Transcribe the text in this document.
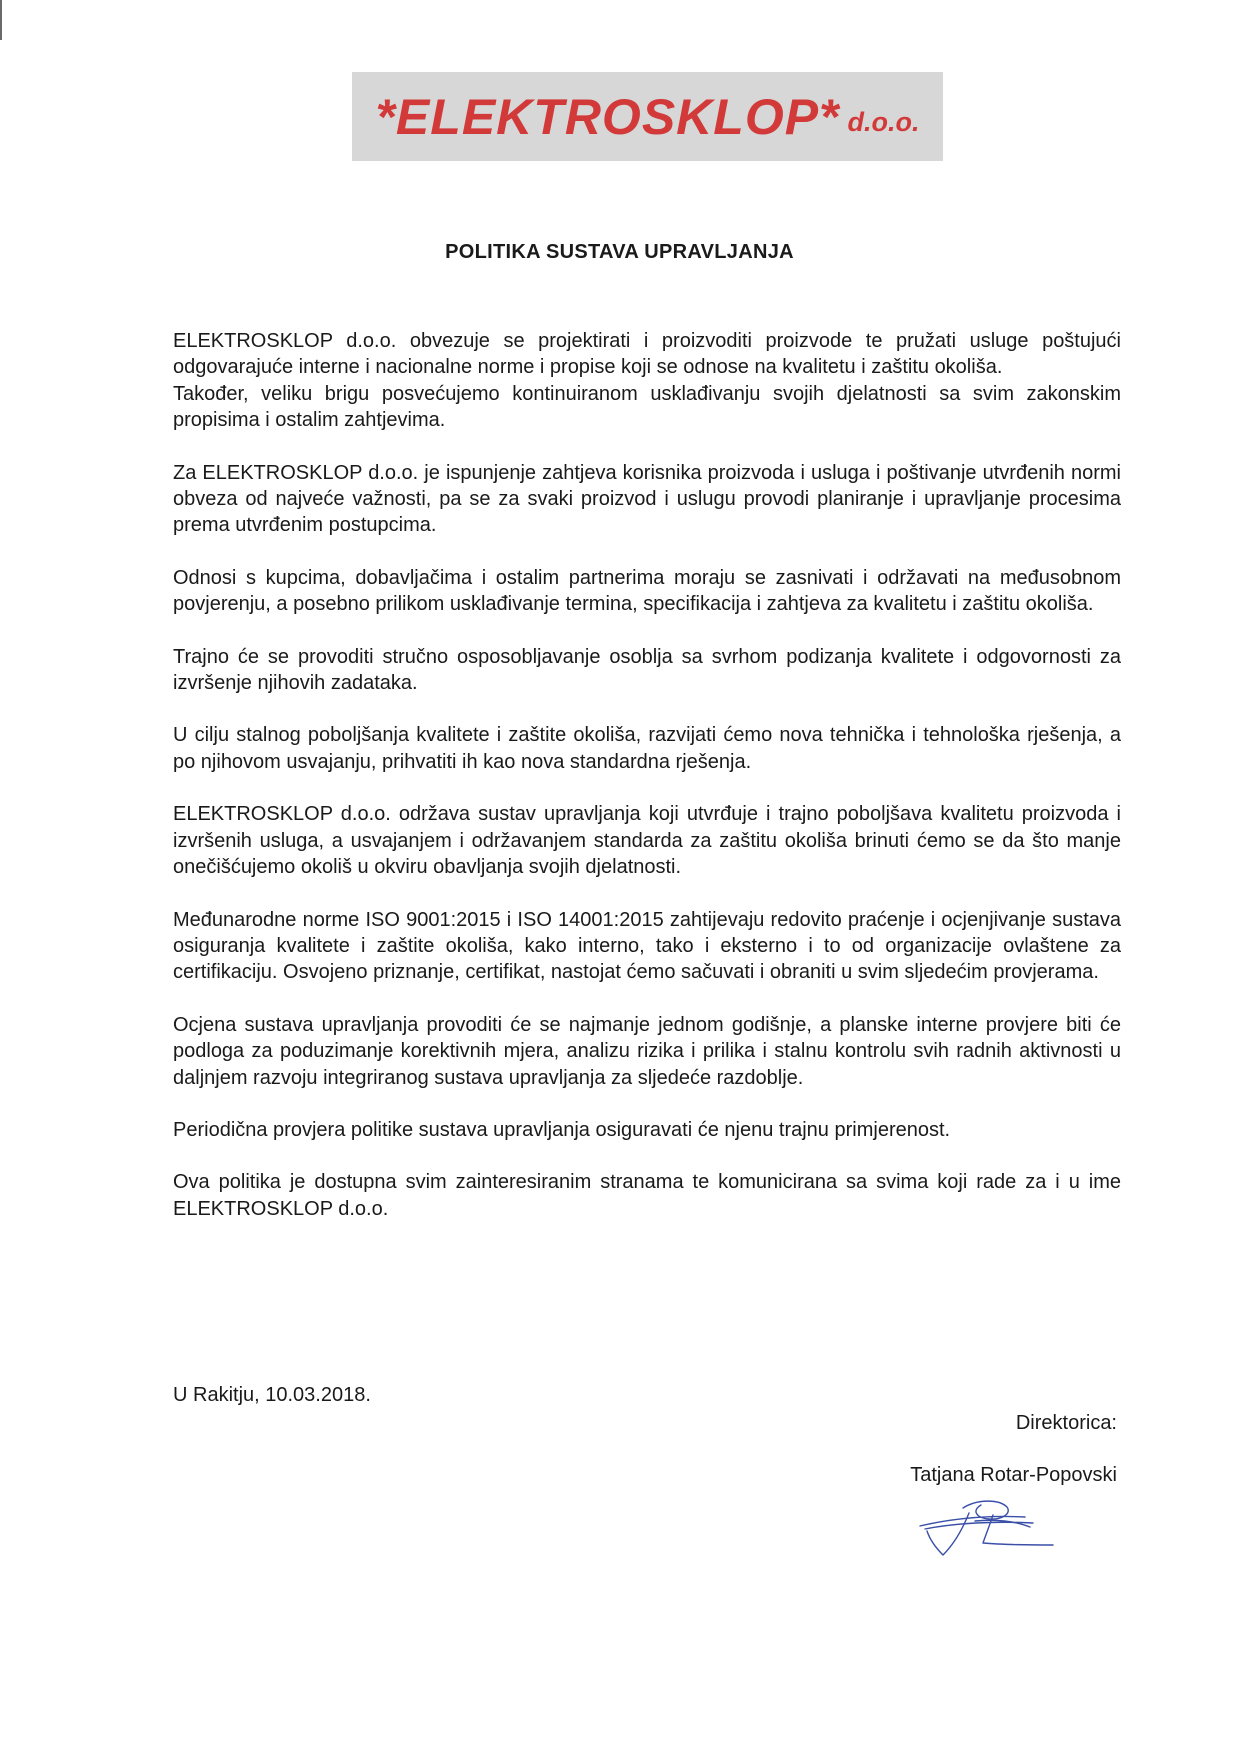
*ELEKTROSKLOP* d.o.o.
POLITIKA SUSTAVA UPRAVLJANJA

ELEKTROSKLOP d.o.o. obvezuje se projektirati i proizvoditi proizvode te pružati usluge poštujući odgovarajuće interne i nacionalne norme i propise koji se odnose na kvalitetu i zaštitu okoliša.

Također, veliku brigu posvećujemo kontinuiranom usklađivanju svojih djelatnosti sa svim zakonskim propisima i ostalim zahtjevima.

Za ELEKTROSKLOP d.o.o. je ispunjenje zahtjeva korisnika proizvoda i usluga i poštivanje utvrđenih normi obveza od najveće važnosti, pa se za svaki proizvod i uslugu provodi planiranje i upravljanje procesima prema utvrđenim postupcima.

Odnosi s kupcima, dobavljačima i ostalim partnerima moraju se zasnivati i održavati na međusobnom povjerenju, a posebno prilikom usklađivanje termina, specifikacija i zahtjeva za kvalitetu i zaštitu okoliša.

Trajno će se provoditi stručno osposobljavanje osoblja sa svrhom podizanja kvalitete i odgovornosti za izvršenje njihovih zadataka.

U cilju stalnog poboljšanja kvalitete i zaštite okoliša, razvijati ćemo nova tehnička i tehnološka rješenja, a po njihovom usvajanju, prihvatiti ih kao nova standardna rješenja.

ELEKTROSKLOP d.o.o. održava sustav upravljanja koji utvrđuje i trajno poboljšava kvalitetu proizvoda i izvršenih usluga, a usvajanjem i održavanjem standarda za zaštitu okoliša brinuti ćemo se da što manje onečišćujemo okoliš u okviru obavljanja svojih djelatnosti.

Međunarodne norme ISO 9001:2015 i ISO 14001:2015 zahtijevaju redovito praćenje i ocjenjivanje sustava osiguranja kvalitete i zaštite okoliša, kako interno, tako i eksterno i to od organizacije ovlaštene za certifikaciju. Osvojeno priznanje, certifikat, nastojat ćemo sačuvati i obraniti u svim sljedećim provjerama.

Ocjena sustava upravljanja provoditi će se najmanje jednom godišnje, a planske interne provjere biti će podloga za poduzimanje korektivnih mjera, analizu rizika i prilika i stalnu kontrolu svih radnih aktivnosti u daljnjem razvoju integriranog sustava upravljanja za sljedeće razdoblje.

Periodična provjera politike sustava upravljanja osiguravati će njenu trajnu primjerenost.

Ova politika je dostupna svim zainteresiranim stranama te komunicirana sa svima koji rade za i u ime ELEKTROSKLOP d.o.o.

U Rakitju, 10.03.2018.

Direktorica:

Tatjana Rotar-Popovski
